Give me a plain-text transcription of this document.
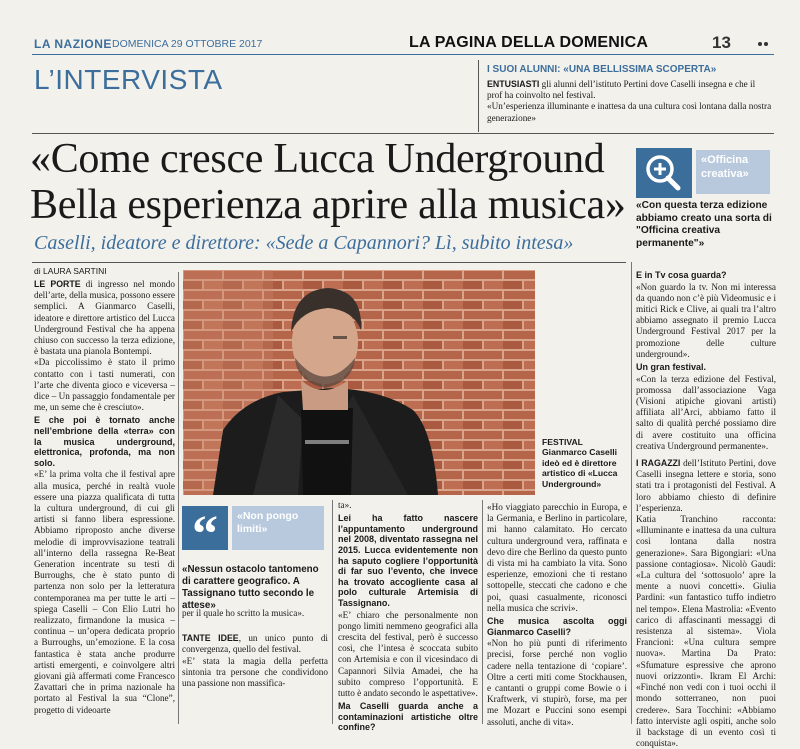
LA NAZIONE DOMENICA 29 OTTOBRE 2017	LA PAGINA DELLA DOMENICA	13
L’INTERVISTA	I SUOI ALUNNI: «UNA BELLISSIMA SCOPERTA»
ENTUSIASTI gli alunni dell’istituto Pertini dove Caselli insegna e che il prof ha coinvolto nel festival.
«Un’esperienza illuminante e inattesa da una cultura così lontana dalla nostra generazione»
«Come cresce Lucca Underground
Bella esperienza aprire alla musica»
Caselli, ideatore e direttore: «Sede a Capannori? Lì, subito intesa»
di LAURA SARTINI
«Officina
creativa»
«Con questa terza edizione abbiamo creato una sorta di "Officina creativa permanente"»
FESTIVAL
Gianmarco Caselli ideò ed è direttore artistico di «Lucca Underground»

LE PORTE di ingresso nel mondo dell’arte, della musica, possono essere semplici. A Gianmarco Caselli, ideatore e direttore artistico del Lucca Underground Festival che ha appena chiuso con successo la terza edizione, è bastata una pianola Bontempi.

«Da piccolissimo è stato il primo contatto con i tasti numerati, con l’arte che diventa gioco e viceversa – dice – Un passaggio fondamentale per me, un seme che è cresciuto».

E che poi è tornato anche nell’embrione della «terra» con la musica underground, elettronica, profonda, ma non solo.

«E’ la prima volta che il festival apre alla musica, perché in realtà vuole essere una piazza qualificata di tutta la cultura underground, di cui gli artisti si fanno libera espressione. Abbiamo riproposto anche diverse melodie di improvvisazione teatrali all’interno della rassegna Re-Beat Generation incentrate su testi di Burroughs, che è stato punto di partenza non solo per la letteratura contemporanea ma per tutte le arti – spiega Caselli – Con Elio Lutri ho realizzato, firmandone la musica – continua – un’opera dedicata proprio a Burroughs, un’emozione. E la cosa fantastica è stata anche produrre artisti emergenti, e coinvolgere altri giovani già affermati come Francesco Zavattari che in prima nazionale ha portato al Festival la sua “Clone”, progetto di videoarte

“	«Non pongo
limiti»
«Nessun ostacolo tantomeno di carattere geografico. A Tassignano tutto secondo le attese»

per il quale ho scritto la musica».

TANTE IDEE, un unico punto di convergenza, quello del festival.

«E’ stata la magia della perfetta sintonia tra persone che condividono una passione non massifica-

ta».

Lei ha fatto nascere l’appuntamento underground nel 2008, diventato rassegna nel 2015. Lucca evidentemente non ha saputo cogliere l’opportunità di far suo l’evento, che invece ha trovato accogliente casa al polo culturale Artemisia di Tassignano.

«E’ chiaro che personalmente non pongo limiti nemmeno geografici alla crescita del festival, però è successo così, che l’intesa è scoccata subito con Artemisia e con il vicesindaco di Capannori Silvia Amadei, che ha subito compreso l’opportunità. E tutto è andato secondo le aspettative».

Ma Caselli guarda anche a contaminazioni artistiche oltre confine?

«Ho viaggiato parecchio in Europa, e la Germania, e Berlino in particolare, mi hanno calamitato. Ho cercato cultura underground vera, raffinata e devo dire che Berlino da questo punto di vista mi ha cambiato la vita. Sono esperienze, emozioni che ti restano sottopelle, steccati che cadono e che poi, quasi casualmente, riconosci nella musica che scrivi».

Che musica ascolta oggi Gianmarco Caselli?

«Non ho più punti di riferimento precisi, forse perché non voglio cadere nella tentazione di ‘copiare’. Oltre a certi miti come Stockhausen, e cantanti o gruppi come Bowie o i Kraftwerk, vi stupirò, forse, ma per me Mozart e Puccini sono esempi assoluti, anche di vita».

E in Tv cosa guarda?

«Non guardo la tv. Non mi interessa da quando non c’è più Videomusic e i mitici Rick e Clive, ai quali tra l’altro abbiamo assegnato il premio Lucca Underground Festival 2017 per la promozione delle culture underground».

Un gran festival.

«Con la terza edizione del Festival, promossa dall’associazione Vaga (Visioni atipiche giovani artisti) affiliata all’Arci, abbiamo fatto il salto di qualità perché possiamo dire di avere costituito una officina creativa Underground permanente».

I RAGAZZI dell’Istituto Pertini, dove Caselli insegna lettere e storia, sono stati tra i protagonisti del Festival. A loro abbiamo chiesto di definire l’esperienza.

Katia Tranchino racconta: «Illuminante e inattesa da una cultura così lontana dalla nostra generazione». Sara Bigongiari: «Una passione contagiosa». Nicolò Gaudi: «La cultura del ‘sottosuolo’ apre la mente a nuovi concetti». Giulia Pardini: «un fantastico tuffo indietro nel tempo». Elena Mastrolia: «Evento carico di affascinanti messaggi di resistenza al sistema». Viola Francioni: «Una cultura sempre nuova». Martina Da Prato: «Sfumature espressive che aprono nuovi orizzonti». Ikram El Archi: «Finché non vedi con i tuoi occhi il mondo sotterraneo, non puoi credere». Sara Tocchini: «Abbiamo fatto interviste agli ospiti, anche solo il backstage di un evento così ti conquista».
